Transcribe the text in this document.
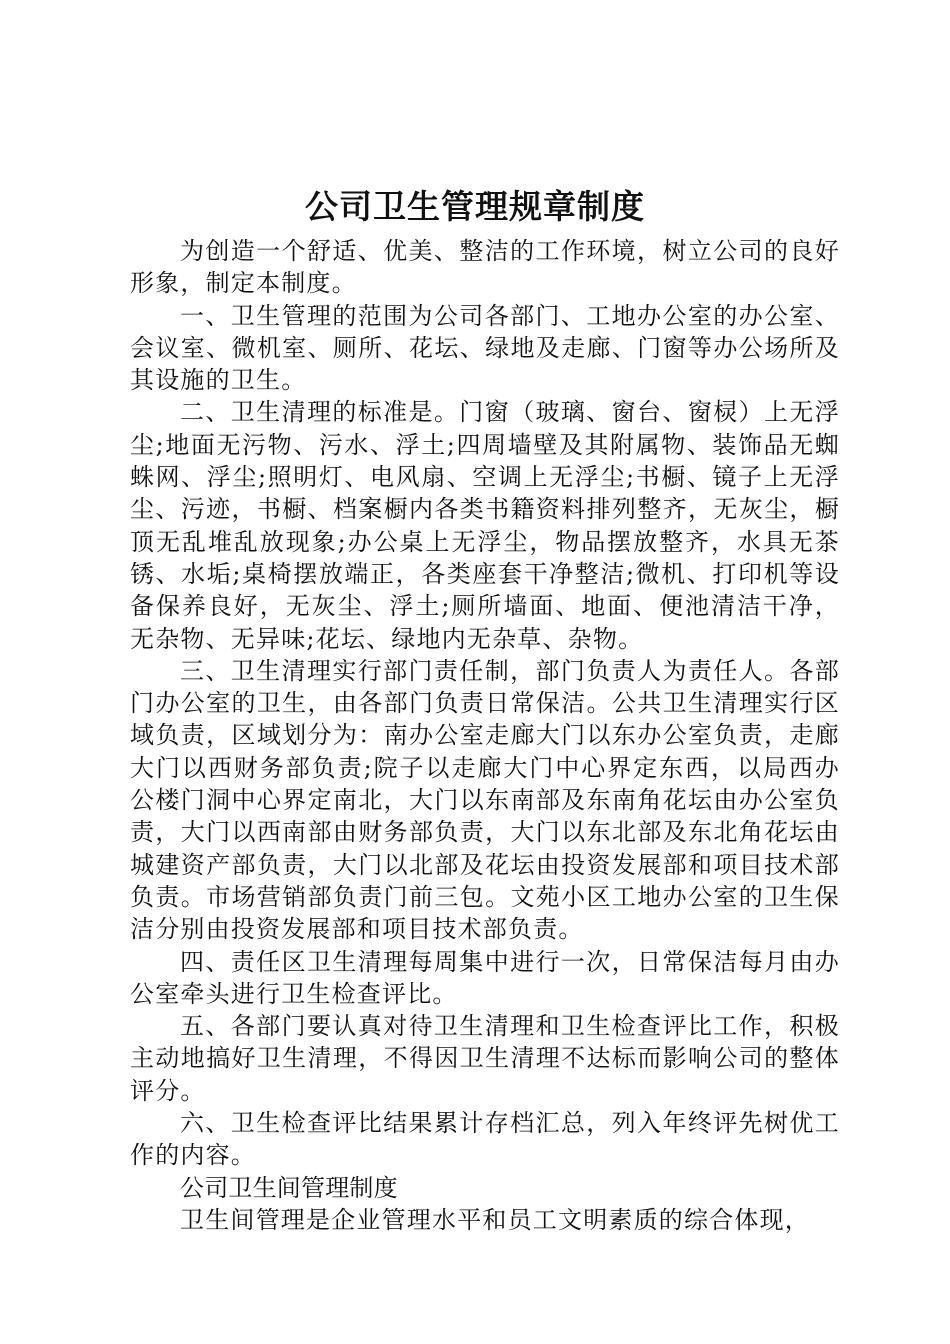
公司卫生管理规章制度

为创造一个舒适、优美、整洁的工作环境，树立公司的良好形象，制定本制度。

一、卫生管理的范围为公司各部门、工地办公室的办公室、会议室、微机室、厕所、花坛、绿地及走廊、门窗等办公场所及其设施的卫生。

二、卫生清理的标准是。门窗（玻璃、窗台、窗棂）上无浮尘;地面无污物、污水、浮土;四周墙壁及其附属物、装饰品无蜘蛛网、浮尘;照明灯、电风扇、空调上无浮尘;书橱、镜子上无浮尘、污迹，书橱、档案橱内各类书籍资料排列整齐，无灰尘，橱顶无乱堆乱放现象;办公桌上无浮尘，物品摆放整齐，水具无茶锈、水垢;桌椅摆放端正，各类座套干净整洁;微机、打印机等设备保养良好，无灰尘、浮土;厕所墙面、地面、便池清洁干净，无杂物、无异味;花坛、绿地内无杂草、杂物。

三、卫生清理实行部门责任制，部门负责人为责任人。各部门办公室的卫生，由各部门负责日常保洁。公共卫生清理实行区域负责，区域划分为：南办公室走廊大门以东办公室负责，走廊大门以西财务部负责;院子以走廊大门中心界定东西，以局西办公楼门洞中心界定南北，大门以东南部及东南角花坛由办公室负责，大门以西南部由财务部负责，大门以东北部及东北角花坛由城建资产部负责，大门以北部及花坛由投资发展部和项目技术部负责。市场营销部负责门前三包。文苑小区工地办公室的卫生保洁分别由投资发展部和项目技术部负责。

四、责任区卫生清理每周集中进行一次，日常保洁每月由办公室牵头进行卫生检查评比。

五、各部门要认真对待卫生清理和卫生检查评比工作，积极主动地搞好卫生清理，不得因卫生清理不达标而影响公司的整体评分。

六、卫生检查评比结果累计存档汇总，列入年终评先树优工作的内容。

公司卫生间管理制度

卫生间管理是企业管理水平和员工文明素质的综合体现，
